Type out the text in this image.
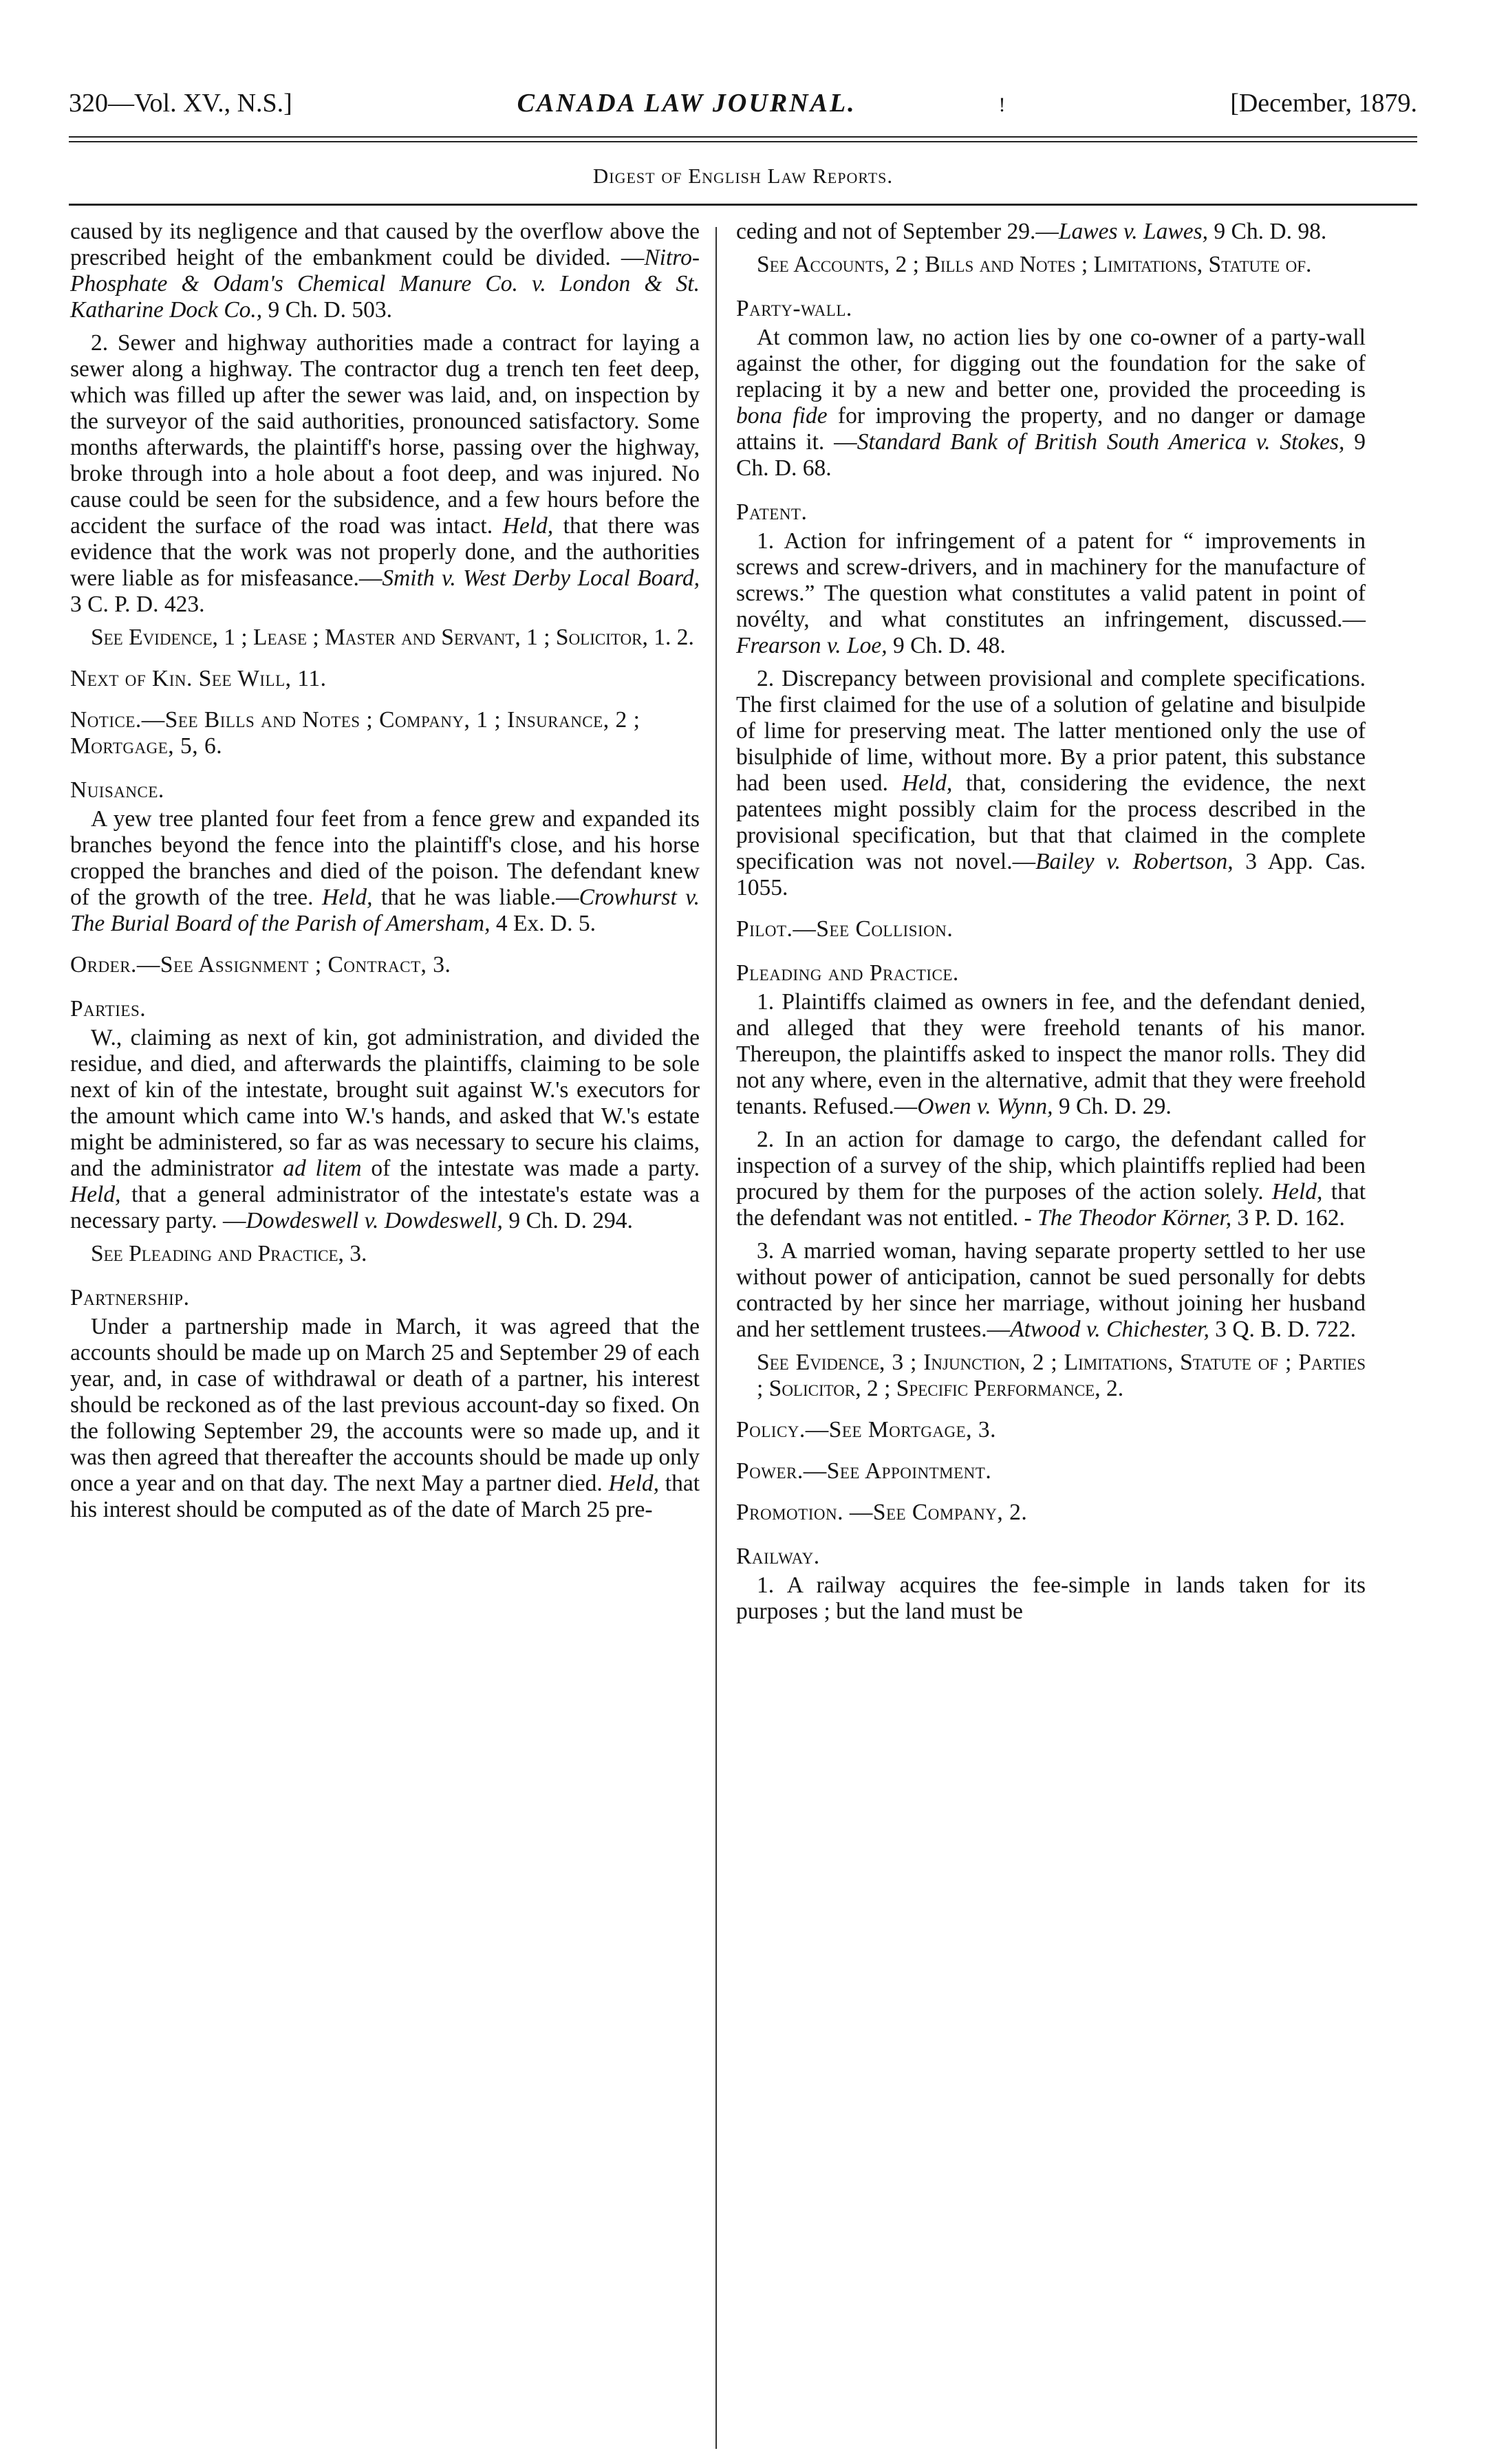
320—Vol. XV., N.S.]	CANADA LAW JOURNAL.	!	[December, 1879.
Digest of English Law Reports.

caused by its negligence and that caused by the overflow above the prescribed height of the embankment could be divided. —Nitro-Phosphate & Odam's Chemical Manure Co. v. London & St. Katharine Dock Co., 9 Ch. D. 503.

2. Sewer and highway authorities made a contract for laying a sewer along a highway. The contractor dug a trench ten feet deep, which was filled up after the sewer was laid, and, on inspection by the surveyor of the said authorities, pronounced satisfactory. Some months afterwards, the plaintiff's horse, passing over the highway, broke through into a hole about a foot deep, and was injured. No cause could be seen for the subsidence, and a few hours before the accident the surface of the road was intact. Held, that there was evidence that the work was not properly done, and the authorities were liable as for misfeasance.—Smith v. West Derby Local Board, 3 C. P. D. 423.

See Evidence, 1 ; Lease ; Master and Servant, 1 ; Solicitor, 1. 2.

Next of Kin. See Will, 11.

Notice.—See Bills and Notes ; Company, 1 ; Insurance, 2 ; Mortgage, 5, 6.

Nuisance.

A yew tree planted four feet from a fence grew and expanded its branches beyond the fence into the plaintiff's close, and his horse cropped the branches and died of the poison. The defendant knew of the growth of the tree. Held, that he was liable.—Crowhurst v. The Burial Board of the Parish of Amersham, 4 Ex. D. 5.

Order.—See Assignment ; Contract, 3.

Parties.

W., claiming as next of kin, got administration, and divided the residue, and died, and afterwards the plaintiffs, claiming to be sole next of kin of the intestate, brought suit against W.'s executors for the amount which came into W.'s hands, and asked that W.'s estate might be administered, so far as was necessary to secure his claims, and the administrator ad litem of the intestate was made a party. Held, that a general administrator of the intestate's estate was a necessary party. —Dowdeswell v. Dowdeswell, 9 Ch. D. 294.

See Pleading and Practice, 3.

Partnership.

Under a partnership made in March, it was agreed that the accounts should be made up on March 25 and September 29 of each year, and, in case of withdrawal or death of a partner, his interest should be reckoned as of the last previous account-day so fixed. On the following September 29, the accounts were so made up, and it was then agreed that thereafter the accounts should be made up only once a year and on that day. The next May a partner died. Held, that his interest should be computed as of the date of March 25 pre-

ceding and not of September 29.—Lawes v. Lawes, 9 Ch. D. 98.

See Accounts, 2 ; Bills and Notes ; Limitations, Statute of.

Party-wall.

At common law, no action lies by one co-owner of a party-wall against the other, for digging out the foundation for the sake of replacing it by a new and better one, provided the proceeding is bona fide for improving the property, and no danger or damage attains it. —Standard Bank of British South America v. Stokes, 9 Ch. D. 68.

Patent.

1. Action for infringement of a patent for “ improvements in screws and screw-drivers, and in machinery for the manufacture of screws.” The question what constitutes a valid patent in point of novélty, and what constitutes an infringement, discussed.—Frearson v. Loe, 9 Ch. D. 48.

2. Discrepancy between provisional and complete specifications. The first claimed for the use of a solution of gelatine and bisulpide of lime for preserving meat. The latter mentioned only the use of bisulphide of lime, without more. By a prior patent, this substance had been used. Held, that, considering the evidence, the next patentees might possibly claim for the process described in the provisional specification, but that that claimed in the complete specification was not novel.—Bailey v. Robertson, 3 App. Cas. 1055.

Pilot.—See Collision.

Pleading and Practice.

1. Plaintiffs claimed as owners in fee, and the defendant denied, and alleged that they were freehold tenants of his manor. Thereupon, the plaintiffs asked to inspect the manor rolls. They did not any where, even in the alternative, admit that they were freehold tenants. Refused.—Owen v. Wynn, 9 Ch. D. 29.

2. In an action for damage to cargo, the defendant called for inspection of a survey of the ship, which plaintiffs replied had been procured by them for the purposes of the action solely. Held, that the defendant was not entitled. - The Theodor Körner, 3 P. D. 162.

3. A married woman, having separate property settled to her use without power of anticipation, cannot be sued personally for debts contracted by her since her marriage, without joining her husband and her settlement trustees.—Atwood v. Chichester, 3 Q. B. D. 722.

See Evidence, 3 ; Injunction, 2 ; Limitations, Statute of ; Parties ; Solicitor, 2 ; Specific Performance, 2.

Policy.—See Mortgage, 3.

Power.—See Appointment.

Promotion. —See Company, 2.

Railway.

1. A railway acquires the fee-simple in lands taken for its purposes ; but the land must be
